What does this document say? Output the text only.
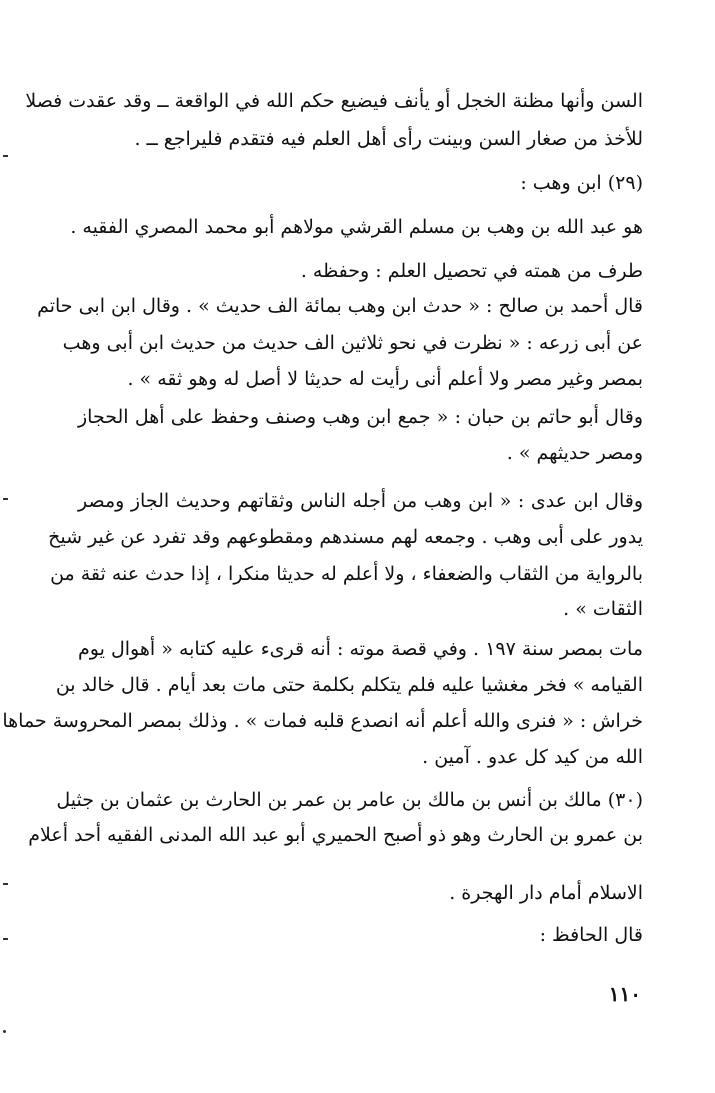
السن وأنها مظنة الخجل أو يأنف فيضيع حكم الله في الواقعة ــ وقد عقدت فصلا
للأخذ من صغار السن وبينت رأى أهل العلم فيه فتقدم فليراجع ــ .
(٢٩) ابن وهب :
هو عبد الله بن وهب بن مسلم القرشي مولاهم أبو محمد المصري الفقيه .
طرف من همته في تحصيل العلم : وحفظه .
قال أحمد بن صالح : « حدث ابن وهب بمائة الف حديث » . وقال ابن ابى حاتم
عن أبى زرعه : « نظرت في نحو ثلاثين الف حديث من حديث ابن أبى وهب
بمصر وغير مصر ولا أعلم أنى رأيت له حديثا لا أصل له وهو ثقه » .
وقال أبو حاتم بن حبان : « جمع ابن وهب وصنف وحفظ على أهل الحجاز
ومصر حديثهم » .
وقال ابن عدى : « ابن وهب من أجله الناس وثقاتهم وحديث الجاز ومصر
يدور على أبى وهب . وجمعه لهم مسندهم ومقطوعهم وقد تفرد عن غير شيخ
بالرواية من الثقاب والضعفاء ، ولا أعلم له حديثا منكرا ، إذا حدث عنه ثقة من
الثقات » .
مات بمصر سنة ١٩٧ . وفي قصة موته : أنه قرىء عليه كتابه « أهوال يوم
القيامه » فخر مغشيا عليه فلم يتكلم بكلمة حتى مات بعد أيام . قال خالد بن
خراش : « فنرى والله أعلم أنه انصدع قلبه فمات » . وذلك بمصر المحروسة حماها
الله من كيد كل عدو . آمين .
(٣٠) مالك بن أنس بن مالك بن عامر بن عمر بن الحارث بن عثمان بن جثيل
بن عمرو بن الحارث وهو ذو أصبح الحميري أبو عبد الله المدنى الفقيه أحد أعلام
الاسلام أمام دار الهجرة .
قال الحافظ :
١١٠
